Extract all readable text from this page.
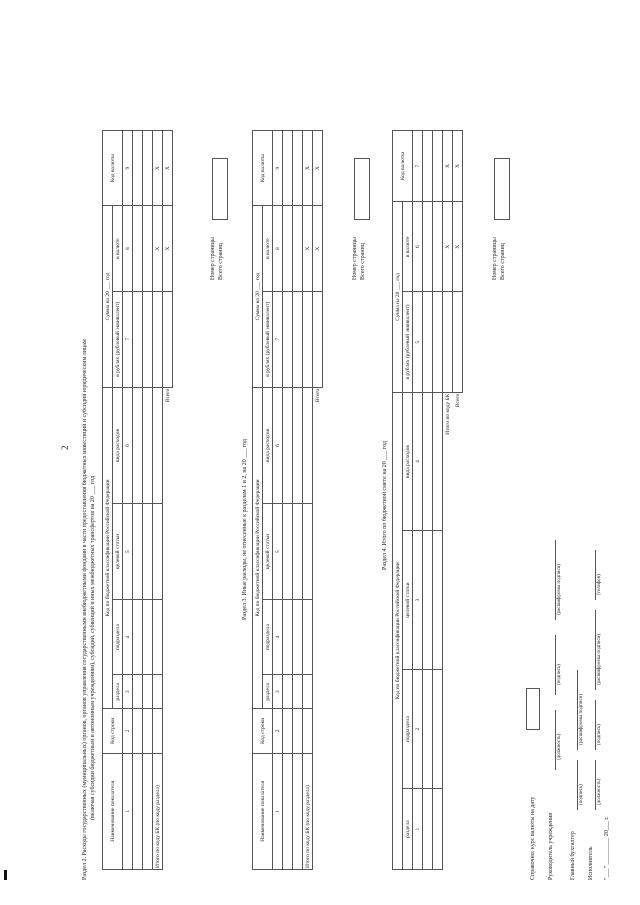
2 Раздел 2. Расходы государственных (муниципальных) органов, органов управления государственными внебюджетными фондами в части предоставления бюджетных инвестиций и субсидий юридическим лицам (включая субсидии бюджетным и автономным учреждениям), субсидий, субвенций и иных межбюджетных трансфертов на 20 ___ год Наименование показателя	Код строки	Код по бюджетной классификации Российской Федерации				Сумма на 20 ___ год		Код валюты
		раздела	подраздела	целевой статьи	вида расходов	в рублях (рублевый эквивалент)	в валюте	
1	2	3	4	5	6	7	8	9

Итого по коду БК (по коду раздела)							X	X
				Всего			X	X
Номер страницы Всего страниц
Раздел 3. Иные расходы, не отнесенные к разделам 1 и 2, на 20 ___ год
Наименование показателя	Код строки	Код по бюджетной классификации Российской Федерации				Сумма на 20 ___ год		Код валюты
		раздела	подраздела	целевой статьи	вида расходов	в рублях (рублевый эквивалент)	в валюте	
1	2	3	4	5	6	7	8	9

Итого по коду БК (по коду раздела)							X	X
				Всего			X	X
Номер страницы Всего страниц
Раздел 4. Итого по бюджетной смете на 20 ___ год
Код по бюджетной классификации Российской Федерации				Сумма на 20 ___ год		Код валюты
раздела	подраздела	целевой статьи	вида расходов	в рублях (рублевый эквивалент)	в валюте	
1	2	3	4	5	6	7

			Итого по коду БК		X	X
			Всего		X	X
Номер страницы Всего страниц
Справочно: курс валюты на дату Руководитель учреждения
(должность)
(подпись)
(расшифровка подписи)
Главный бухгалтер
(подпись)
(расшифровка подписи)
Исполнитель
(должность)
(подпись)
(расшифровка подписи)
(телефон)
"___" _________ 20___ г.
